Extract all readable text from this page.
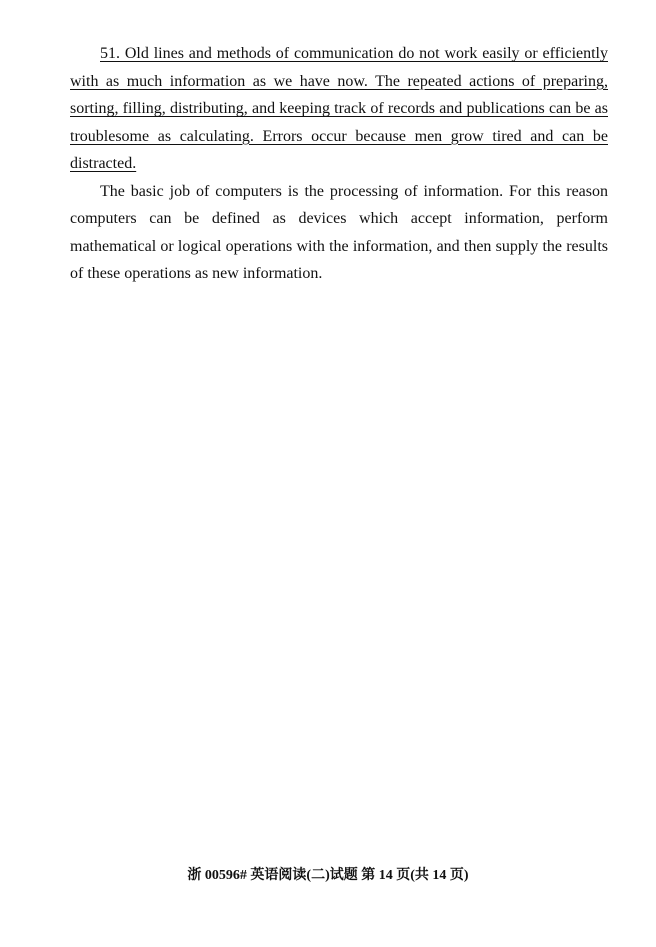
51. Old lines and methods of communication do not work easily or efficiently with as much information as we have now. The repeated actions of preparing, sorting, filling, distributing, and keeping track of records and publications can be as troublesome as calculating. Errors occur because men grow tired and can be distracted.

The basic job of computers is the processing of information. For this reason computers can be defined as devices which accept information, perform mathematical or logical operations with the information, and then supply the results of these operations as new information.

浙 00596# 英语阅读(二)试题 第 14 页(共 14 页)
